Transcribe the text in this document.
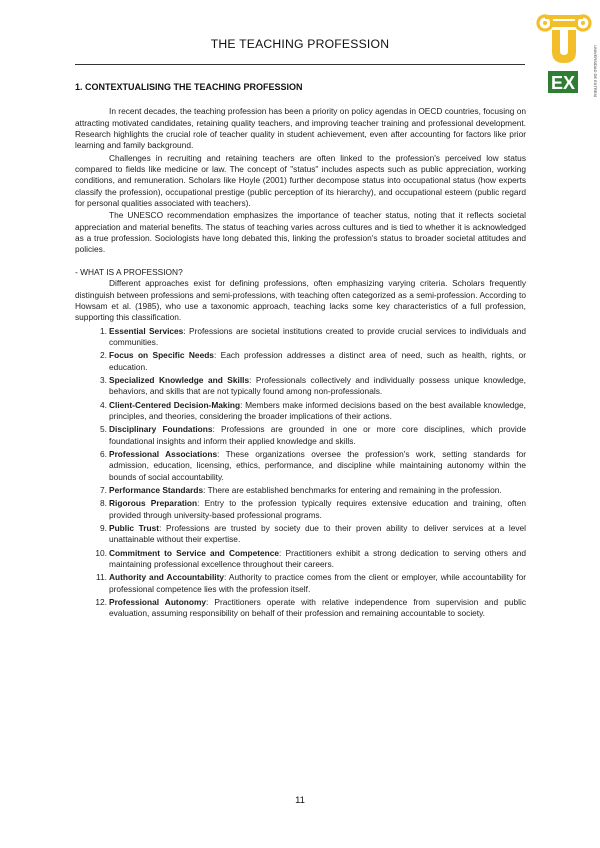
THE TEACHING PROFESSION
EX	UNIVERSIDAD DE EXTREMADURA
1. CONTEXTUALISING THE TEACHING PROFESSION

In recent decades, the teaching profession has been a priority on policy agendas in OECD countries, focusing on attracting motivated candidates, retaining quality teachers, and improving teacher training and professional development. Research highlights the crucial role of teacher quality in student achievement, even after accounting for factors like prior learning and family background.

Challenges in recruiting and retaining teachers are often linked to the profession's perceived low status compared to fields like medicine or law. The concept of "status" includes aspects such as public appreciation, working conditions, and remuneration. Scholars like Hoyle (2001) further decompose status into occupational status (how experts classify the profession), occupational prestige (public perception of its hierarchy), and occupational esteem (public regard for personal qualities associated with teachers).

The UNESCO recommendation emphasizes the importance of teacher status, noting that it reflects societal appreciation and material benefits. The status of teaching varies across cultures and is tied to whether it is acknowledged as a true profession. Sociologists have long debated this, linking the profession's status to broader societal attitudes and policies.

- WHAT IS A PROFESSION?

Different approaches exist for defining professions, often emphasizing varying criteria. Scholars frequently distinguish between professions and semi-professions, with teaching often categorized as a semi-profession. According to Howsam et al. (1985), who use a taxonomic approach, teaching lacks some key characteristics of a full profession, supporting this classification.

1. Essential Services: Professions are societal institutions created to provide crucial services to individuals and communities.
2. Focus on Specific Needs: Each profession addresses a distinct area of need, such as health, rights, or education.
3. Specialized Knowledge and Skills: Professionals collectively and individually possess unique knowledge, behaviors, and skills that are not typically found among non-professionals.
4. Client-Centered Decision-Making: Members make informed decisions based on the best available knowledge, principles, and theories, considering the broader implications of their actions.
5. Disciplinary Foundations: Professions are grounded in one or more core disciplines, which provide foundational insights and inform their applied knowledge and skills.
6. Professional Associations: These organizations oversee the profession's work, setting standards for admission, education, licensing, ethics, performance, and discipline while maintaining autonomy within the bounds of social accountability.
7. Performance Standards: There are established benchmarks for entering and remaining in the profession.
8. Rigorous Preparation: Entry to the profession typically requires extensive education and training, often provided through university-based professional programs.
9. Public Trust: Professions are trusted by society due to their proven ability to deliver services at a level unattainable without their expertise.
10. Commitment to Service and Competence: Practitioners exhibit a strong dedication to serving others and maintaining professional excellence throughout their careers.
11. Authority and Accountability: Authority to practice comes from the client or employer, while accountability for professional competence lies with the profession itself.
12. Professional Autonomy: Practitioners operate with relative independence from supervision and public evaluation, assuming responsibility on behalf of their profession and remaining accountable to society.
11
